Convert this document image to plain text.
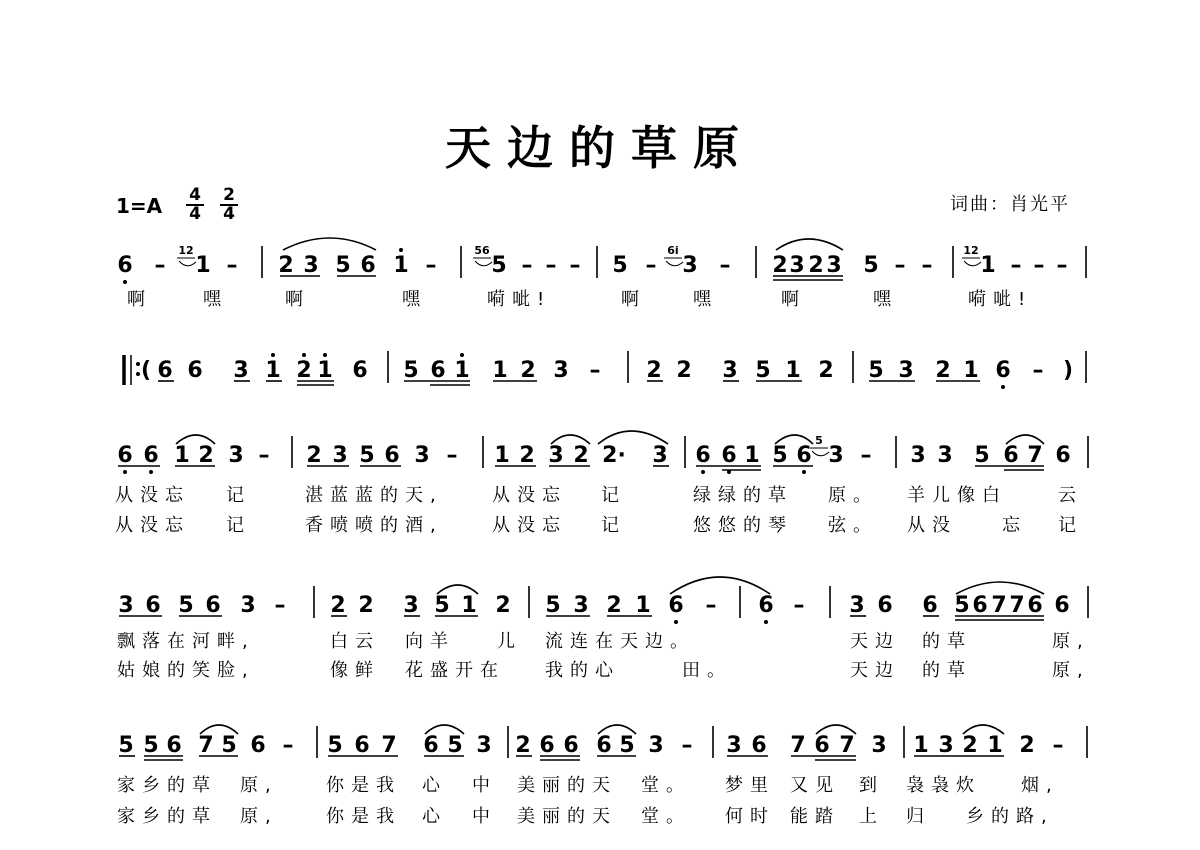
天边的草原
1=A 4
4
2
4	词曲：肖光平
6 – 1
12
– 2 3 5 6 1 – 5
56
– – – 5 – 3
6i
– 2 3 2 3 5 – – 1
12
– – –
啊	嘿	啊	嘿	嗬呲!	啊	嘿	啊	嘿	嗬呲!
( 6 6 3 1 2 1 6 5 6 1 1 2 3 – 2 2 3 5 1 2 5 3 2 1 6 – )
6 6 1 2 3 – 2 3 5 6 3 – 1 2 3 2 2· 3 6 6 1 5 6 3
5
– 3 3 5 6 7 6
从没忘 记	湛蓝蓝的天,	从没忘 记	绿绿的草 原。 羊儿像白	云
从没忘 记	香喷喷的酒,	从没忘 记	悠悠的琴 弦。 从没	忘 记
3 6 5 6 3 – 2 2 3 5 1 2 5 3 2 1 6 – 6 – 3 6 6 5 6 7 7 6 6
飘落在河畔,	白云 向羊 儿 流连在天边。	天边 的草	原,
姑娘的笑脸,	像鲜 花盛开在 我的心	田。	天边 的草	原,
5 5 6 7 5 6 – 5 6 7 6 5 3 2 6 6 6 5 3 – 3 6 7 6 7 3 1 3 2 1 2 –
家乡的草 原,	你是我 心 中 美丽的天 堂。 梦里 又见 到 袅袅炊 烟,
家乡的草 原,	你是我 心 中 美丽的天 堂。 何时 能踏 上 归 乡的路,
